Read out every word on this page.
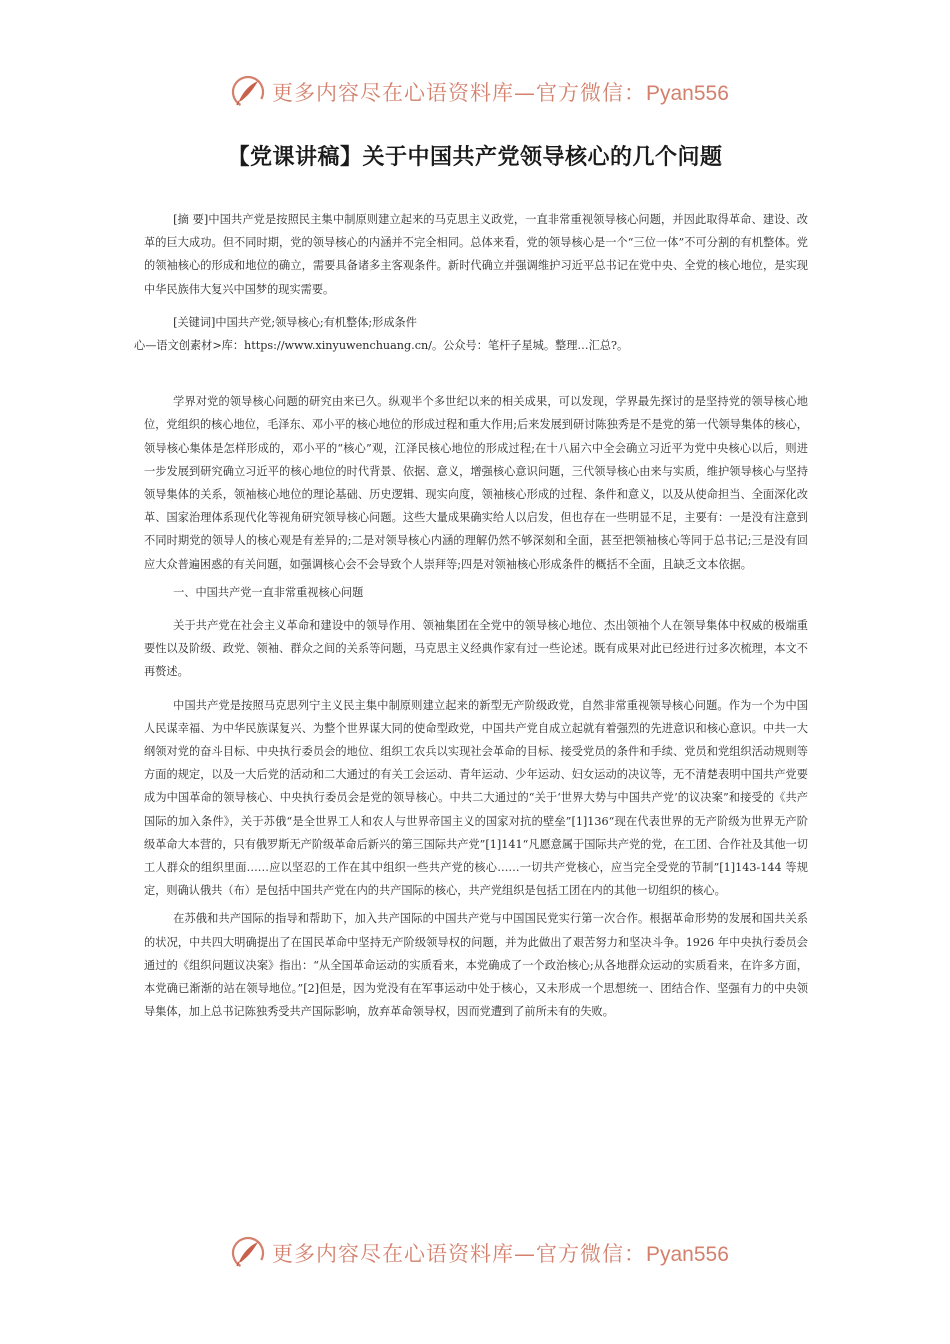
更多内容尽在心语资料库—官方微信：Pyan556
【党课讲稿】关于中国共产党领导核心的几个问题

[摘 要]中国共产党是按照民主集中制原则建立起来的马克思主义政党，一直非常重视领导核心问题，并因此取得革命、建设、改革的巨大成功。但不同时期，党的领导核心的内涵并不完全相同。总体来看，党的领导核心是一个“三位一体”不可分割的有机整体。党的领袖核心的形成和地位的确立，需要具备诸多主客观条件。新时代确立并强调维护习近平总书记在党中央、全党的核心地位，是实现中华民族伟大复兴中国梦的现实需要。

[关键词]中国共产党;领导核心;有机整体;形成条件

心—语文创素材>库：https://www.xinyuwenchuang.cn/。公众号：笔杆子星城。整理…汇总?。

学界对党的领导核心问题的研究由来已久。纵观半个多世纪以来的相关成果，可以发现，学界最先探讨的是坚持党的领导核心地位，党组织的核心地位，毛泽东、邓小平的核心地位的形成过程和重大作用;后来发展到研讨陈独秀是不是党的第一代领导集体的核心，领导核心集体是怎样形成的，邓小平的“核心”观，江泽民核心地位的形成过程;在十八届六中全会确立习近平为党中央核心以后，则进一步发展到研究确立习近平的核心地位的时代背景、依据、意义，增强核心意识问题，三代领导核心由来与实质，维护领导核心与坚持领导集体的关系，领袖核心地位的理论基础、历史逻辑、现实向度，领袖核心形成的过程、条件和意义，以及从使命担当、全面深化改革、国家治理体系现代化等视角研究领导核心问题。这些大量成果确实给人以启发，但也存在一些明显不足，主要有：一是没有注意到不同时期党的领导人的核心观是有差异的;二是对领导核心内涵的理解仍然不够深刻和全面，甚至把领袖核心等同于总书记;三是没有回应大众普遍困惑的有关问题，如强调核心会不会导致个人崇拜等;四是对领袖核心形成条件的概括不全面，且缺乏文本依据。

一、中国共产党一直非常重视核心问题

关于共产党在社会主义革命和建设中的领导作用、领袖集团在全党中的领导核心地位、杰出领袖个人在领导集体中权威的极端重要性以及阶级、政党、领袖、群众之间的关系等问题，马克思主义经典作家有过一些论述。既有成果对此已经进行过多次梳理，本文不再赘述。

中国共产党是按照马克思列宁主义民主集中制原则建立起来的新型无产阶级政党，自然非常重视领导核心问题。作为一个为中国人民谋幸福、为中华民族谋复兴、为整个世界谋大同的使命型政党，中国共产党自成立起就有着强烈的先进意识和核心意识。中共一大纲领对党的奋斗目标、中央执行委员会的地位、组织工农兵以实现社会革命的目标、接受党员的条件和手续、党员和党组织活动规则等方面的规定，以及一大后党的活动和二大通过的有关工会运动、青年运动、少年运动、妇女运动的决议等，无不清楚表明中国共产党要成为中国革命的领导核心、中央执行委员会是党的领导核心。中共二大通过的“关于‘世界大势与中国共产党’的议决案”和接受的《共产国际的加入条件》，关于苏俄“是全世界工人和农人与世界帝国主义的国家对抗的壁垒”[1]136“现在代表世界的无产阶级为世界无产阶级革命大本营的，只有俄罗斯无产阶级革命后新兴的第三国际共产党”[1]141“凡愿意属于国际共产党的党，在工团、合作社及其他一切工人群众的组织里面……应以坚忍的工作在其中组织一些共产党的核心……一切共产党核心，应当完全受党的节制”[1]143-144 等规定，则确认俄共（布）是包括中国共产党在内的共产国际的核心，共产党组织是包括工团在内的其他一切组织的核心。

在苏俄和共产国际的指导和帮助下，加入共产国际的中国共产党与中国国民党实行第一次合作。根据革命形势的发展和国共关系的状况，中共四大明确提出了在国民革命中坚持无产阶级领导权的问题，并为此做出了艰苦努力和坚决斗争。1926 年中央执行委员会通过的《组织问题议决案》指出：“从全国革命运动的实质看来，本党确成了一个政治核心;从各地群众运动的实质看来，在许多方面，本党确已渐渐的站在领导地位。”[2]但是，因为党没有在军事运动中处于核心，又未形成一个思想统一、团结合作、坚强有力的中央领导集体，加上总书记陈独秀受共产国际影响，放弃革命领导权，因而党遭到了前所未有的失败。

更多内容尽在心语资料库—官方微信：Pyan556
